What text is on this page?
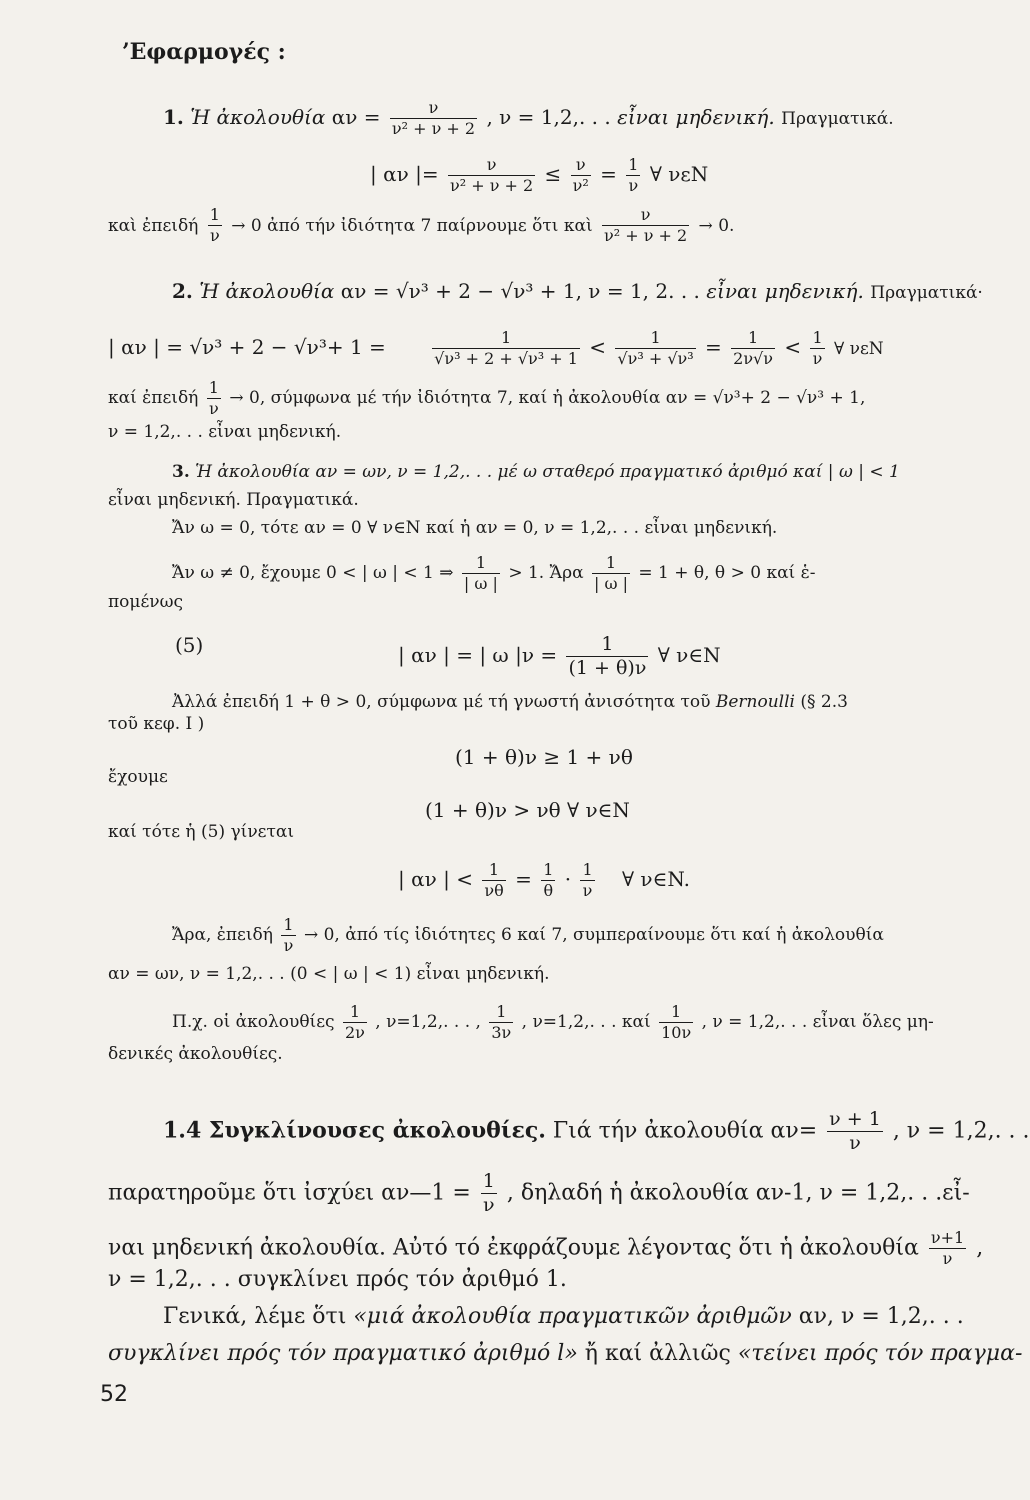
’Εφαρμογές :
1. Ἡ ἀκολουθία $\alpha\nu = \frac{\nu}{\text{ν² + ν + 2}}$ , ν = 1,2,. . . εἶναι μηδενική. Πραγματικά.
| αν |= $\frac{\nu}{\text{ν² + ν + 2}} \le \frac{\nu}{\text{ν²}} = \frac{1}{\nu}$ ∀ νεΝ
καὶ ἐπειδή $\frac{1}{\nu} \to 0$ ἀπό τήν ἰδιότητα 7 παίρνουμε ὅτι καὶ $\frac{\nu}{\text{ν² + ν + 2}} \to 0$.
2. Ἡ ἀκολουθία αν = √ν³ + 2 − √ν³ + 1, ν = 1, 2. . . εἶναι μηδενική. Πραγματικά·
| αν | = √ν³ + 2 − √ν³+ 1 =	$\frac{1}{\text{√ν³ + 2 + √ν³ + 1}} < \frac{1}{\text{√ν³ + √ν³}} = \frac{1}{2\nu√\nu} < \frac{1}{\nu}$ ∀ νεΝ
καί ἐπειδή $\frac{1}{\nu} \to 0$, σύμφωνα μέ τήν ἰδιότητα 7, καί ἡ ἀκολουθία αν = √ν³+ 2 − √ν³ + 1,
ν = 1,2,. . . εἶναι μηδενική.
3. Ἡ ἀκολουθία αν = ων, ν = 1,2,. . . μέ ω σταθερό πραγματικό ἀριθμό καί | ω | < 1
εἶναι μηδενική. Πραγματικά.
Ἄν ω = 0, τότε αν = 0 ∀ ν∈N καί ἡ αν = 0, ν = 1,2,. . . εἶναι μηδενική.
Ἄν ω ≠ 0, ἔχουμε 0 < | ω | < 1 ⇒ $\frac{1}{| \omega |} > 1$. Ἄρα $\frac{1}{| \omega |} = 1 + \theta$, θ > 0 καί ἑ-
πομένως
(5)	| αν | = | ω $|\nu = \frac{1}{(1 + \theta)\nu}$ ∀ ν∈N
Ἀλλά ἐπειδή 1 + θ > 0, σύμφωνα μέ τή γνωστή ἀνισότητα τοῦ Bernoulli (§ 2.3
τοῦ κεφ. Ι )
(1 + θ)ν ≥ 1 + νθ
ἔχουμε
(1 + θ)ν > νθ ∀ ν∈N
καί τότε ἡ (5) γίνεται
| αν | < $\frac{1}{\nu\theta} = \frac{1}{\theta} \cdot \frac{1}{\nu}$ ∀ ν∈N.
Ἄρα, ἐπειδή $\frac{1}{\nu} \to 0$, ἀπό τίς ἰδιότητες 6 καί 7, συμπεραίνουμε ὅτι καί ἡ ἀκολουθία
αν = ων, ν = 1,2,. . . (0 < | ω | < 1) εἶναι μηδενική.
Π.χ. οἱ ἀκολουθίες $\frac{1}{2\nu}$ , ν=1,2,. . . , $\frac{1}{3\nu}$ , ν=1,2,. . . καί $\frac{1}{10\nu}$ , ν = 1,2,. . . εἶναι ὅλες μη-
δενικές ἀκολουθίες.
1.4 Συγκλίνουσες ἀκολουθίες. Γιά τήν ἀκολουθία $\alpha\nu= \frac{\nu + 1}{\nu}$ , ν = 1,2,. . .
παρατηροῦμε ὅτι ἰσχύει αν—1 = $\frac{1}{\nu}$ , δηλαδή ἡ ἀκολουθία αν-1, ν = 1,2,. . .εἶ-
ναι μηδενική ἀκολουθία. Αὐτό τό ἐκφράζουμε λέγοντας ὅτι ἡ ἀκολουθία $\frac{\nu+1}{\nu}$ ,
ν = 1,2,. . . συγκλίνει πρός τόν ἀριθμό 1.
Γενικά, λέμε ὅτι «μιά ἀκολουθία πραγματικῶν ἀριθμῶν αν, ν = 1,2,. . .
συγκλίνει πρός τόν πραγματικό ἀριθμό l» ἤ καί ἀλλιῶς «τείνει πρός τόν πραγμα-
52
